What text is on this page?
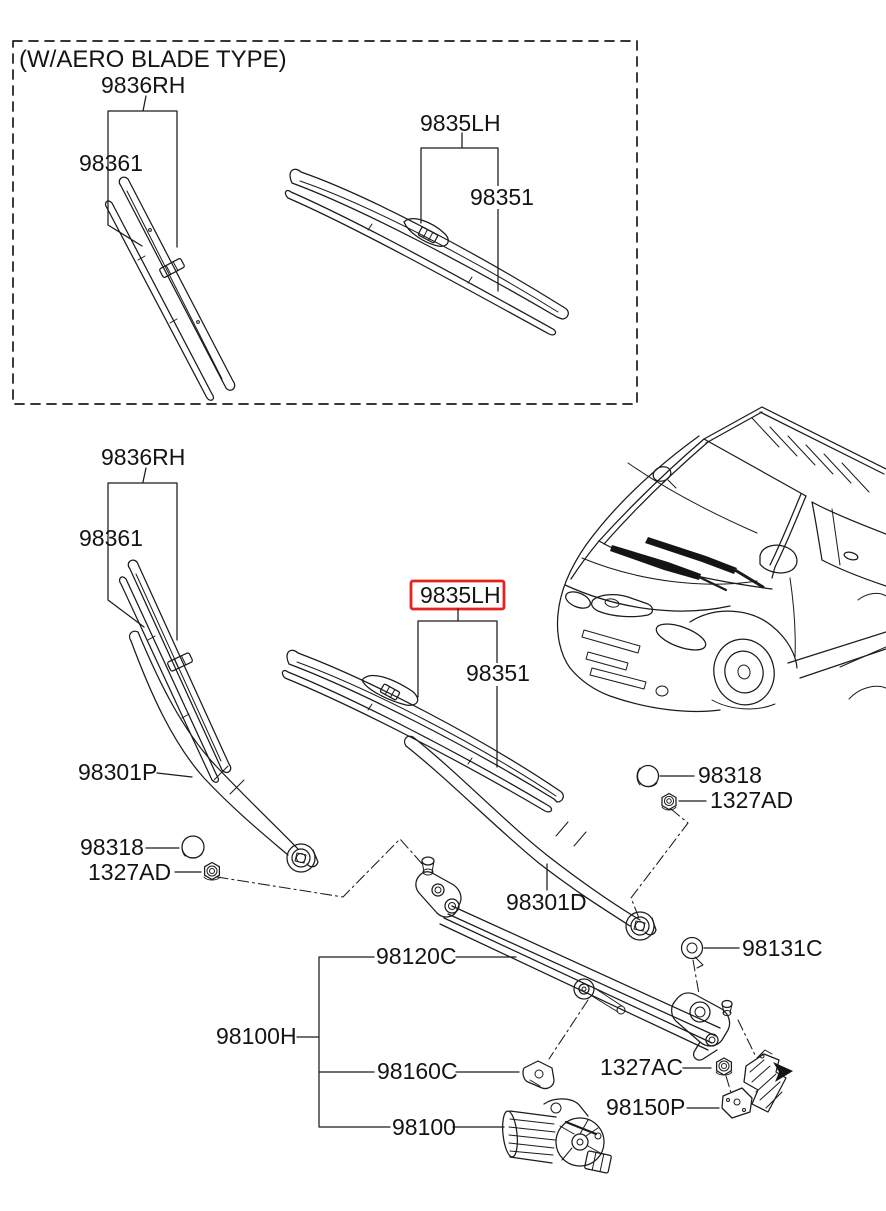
(W/AERO BLADE TYPE)
9836RH
98361
9835LH
98351
9836RH
98361
98301P
98318
1327AD
9835LH
98351
98301D
98318
1327AD
98131C
98120C
98100H
98160C
98100
1327AC
98150P
